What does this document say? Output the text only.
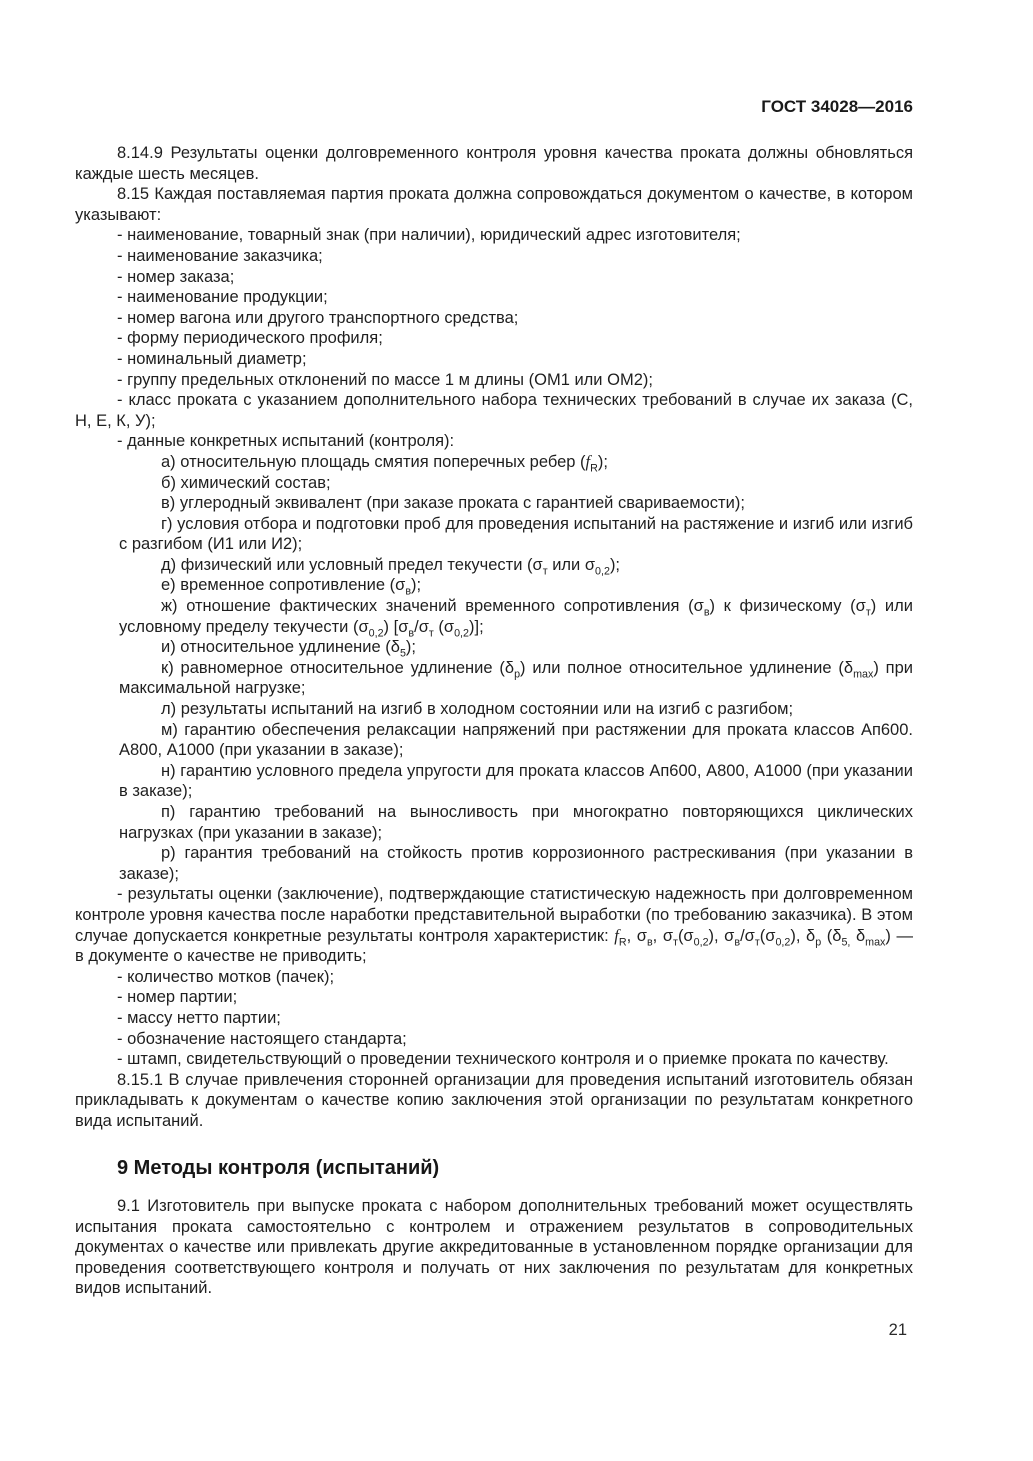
ГОСТ 34028—2016

8.14.9 Результаты оценки долговременного контроля уровня качества проката должны обновляться каждые шесть месяцев.

8.15 Каждая поставляемая партия проката должна сопровождаться документом о качестве, в котором указывают:

- наименование, товарный знак (при наличии), юридический адрес изготовителя;

- наименование заказчика;

- номер заказа;

- наименование продукции;

- номер вагона или другого транспортного средства;

- форму периодического профиля;

- номинальный диаметр;

- группу предельных отклонений по массе 1 м длины (ОМ1 или ОМ2);

- класс проката с указанием дополнительного набора технических требований в случае их заказа (С, Н, Е, К, У);

- данные конкретных испытаний (контроля):

а) относительную площадь смятия поперечных ребер $(f_R)$;

б) химический состав;

в) углеродный эквивалент (при заказе проката с гарантией свариваемости);

г) условия отбора и подготовки проб для проведения испытаний на растяжение и изгиб или изгиб с разгибом (И1 или И2);

д) физический или условный предел текучести ($\sigma_т$ или $\sigma_{0,2}$);

е) временное сопротивление $(\sigma_в)$;

ж) отношение фактических значений временного сопротивления $(\sigma_в)$ к физическому $(\sigma_т)$ или условному пределу текучести $(\sigma_{0,2})$ [$\sigma_в/\sigma_т$ $(\sigma_{0,2})$];

и) относительное удлинение $(\delta_5)$;

к) равномерное относительное удлинение $(\delta_p)$ или полное относительное удлинение $(\delta_{max})$ при максимальной нагрузке;

л) результаты испытаний на изгиб в холодном состоянии или на изгиб с разгибом;

м) гарантию обеспечения релаксации напряжений при растяжении для проката классов Ап600. А800, А1000 (при указании в заказе);

н) гарантию условного предела упругости для проката классов Ап600, А800, А1000 (при указании в заказе);

п) гарантию требований на выносливость при многократно повторяющихся циклических нагрузках (при указании в заказе);

р) гарантия требований на стойкость против коррозионного растрескивания (при указании в заказе);

- результаты оценки (заключение), подтверждающие статистическую надежность при долговременном контроле уровня качества после наработки представительной выработки (по требованию заказчика). В этом случае допускается конкретные результаты контроля характеристик: $f_R$, $\sigma_в$, $\sigma_т(\sigma_{0,2})$, $\sigma_в/\sigma_т(\sigma_{0,2})$, $\delta_p$ ($\delta_{5,}$ $\delta_{max}$) — в документе о качестве не приводить;

- количество мотков (пачек);

- номер партии;

- массу нетто партии;

- обозначение настоящего стандарта;

- штамп, свидетельствующий о проведении технического контроля и о приемке проката по качеству.

8.15.1 В случае привлечения сторонней организации для проведения испытаний изготовитель обязан прикладывать к документам о качестве копию заключения этой организации по результатам конкретного вида испытаний.

9 Методы контроля (испытаний)

9.1 Изготовитель при выпуске проката с набором дополнительных требований может осуществлять испытания проката самостоятельно с контролем и отражением результатов в сопроводительных документах о качестве или привлекать другие аккредитованные в установленном порядке организации для проведения соответствующего контроля и получать от них заключения по результатам для конкретных видов испытаний.

21
